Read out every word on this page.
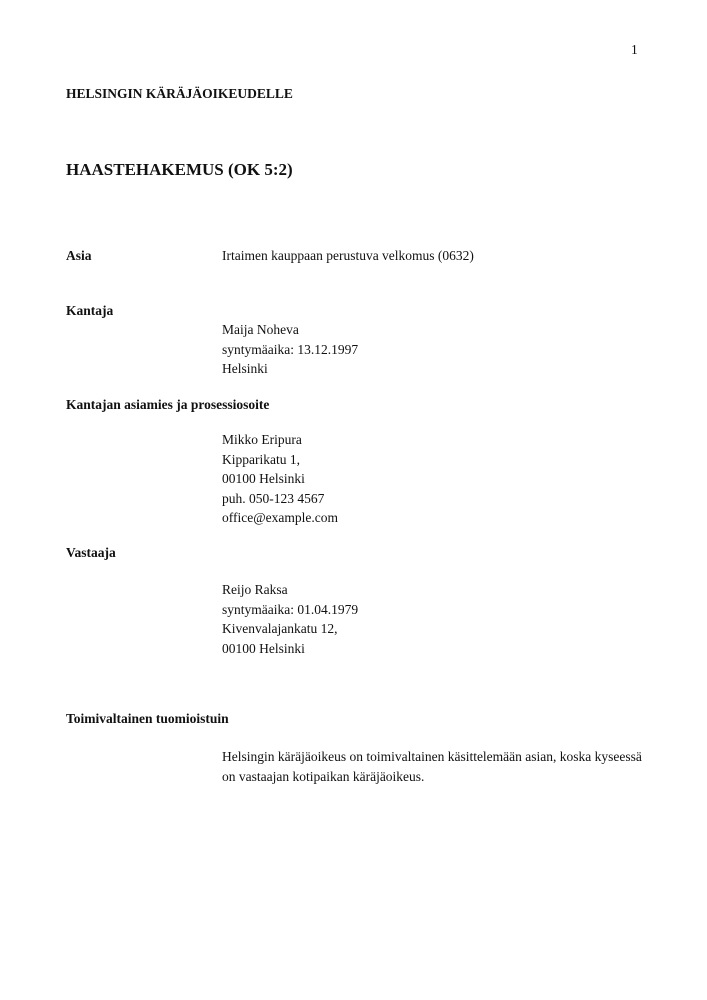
1
HELSINGIN KÄRÄJÄOIKEUDELLE
HAASTEHAKEMUS (OK 5:2)
Asia	Irtaimen kauppaan perustuva velkomus (0632)
Kantaja
Maija Noheva
syntymäaika: 13.12.1997
Helsinki
Kantajan asiamies ja prosessiosoite
Mikko Eripura
Kipparikatu 1,
00100 Helsinki
puh. 050-123 4567
office@example.com
Vastaaja
Reijo Raksa
syntymäaika: 01.04.1979
Kivenvalajankatu 12,
00100 Helsinki
Toimivaltainen tuomioistuin
Helsingin käräjäoikeus on toimivaltainen käsittelemään asian, koska kyseessä on vastaajan kotipaikan käräjäoikeus.
